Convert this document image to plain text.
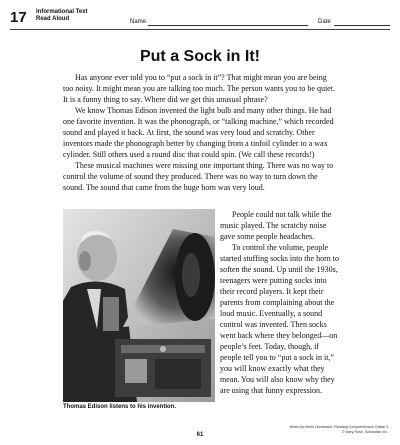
17 Informational Text
Read Aloud	Name	Date
Put a Sock in It!

Has anyone ever told you to “put a sock in it”? That might mean you are being too noisy. It might mean you are talking too much. The person wants you to be quiet. It is a funny thing to say. Where did we get this unusual phrase?

We know Thomas Edison invented the light bulb and many other things. He had one favorite invention. It was the phonograph, or “talking machine,” which recorded sound and played it back. At first, the sound was very loud and scratchy. Other inventors made the phonograph better by changing from a tinfoil cylinder to a wax cylinder. Still others used a round disc that could spin. (We call these records!)

These musical machines were missing one important thing. There was no way to control the volume of sound they produced. There was no way to turn down the sound. The sound that came from the huge horn was very loud.

People could not talk while the music played. The scratchy noise gave some people headaches.

To control the volume, people started stuffing socks into the horn to soften the sound. Up until the 1930s, teenagers were putting socks into their record players. It kept their parents from complaining about the loud music. Eventually, a sound control was invented. Then socks went back where they belonged—on people’s feet. Today, though, if people tell you to “put a sock in it,” you will know exactly what they mean. You will also know why they are using that funny expression.

Thomas Edison listens to his invention.
61
Week-by-Week Homework: Reading Comprehension Grade 3
© Mary Rose, Scholastic Inc.
